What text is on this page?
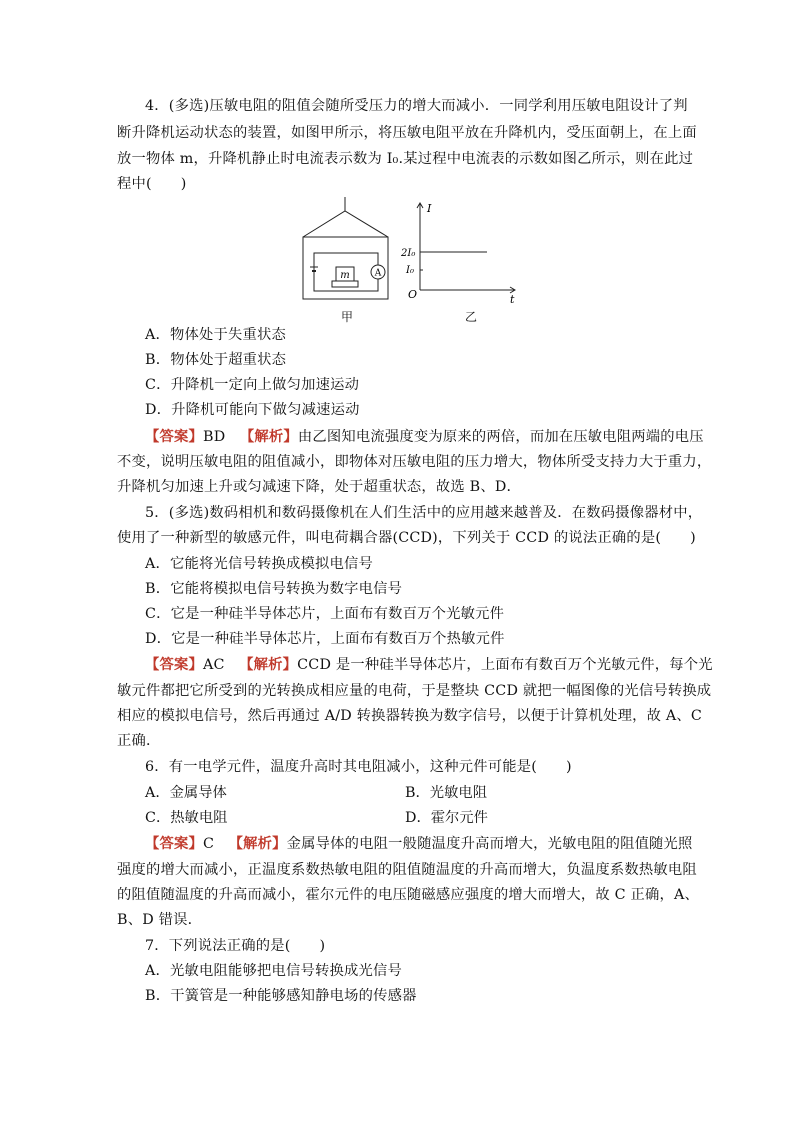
4．(多选)压敏电阻的阻值会随所受压力的增大而减小．一同学利用压敏电阻设计了判
断升降机运动状态的装置，如图甲所示，将压敏电阻平放在升降机内，受压面朝上，在上面
放一物体 m，升降机静止时电流表示数为 I₀.某过程中电流表的示数如图乙所示，则在此过
程中(　　)
m	A
I
t
O
2I₀
I₀
甲	乙
A．物体处于失重状态
B．物体处于超重状态
C．升降机一定向上做匀加速运动
D．升降机可能向下做匀减速运动
【答案】BD  【解析】由乙图知电流强度变为原来的两倍，而加在压敏电阻两端的电压
不变，说明压敏电阻的阻值减小，即物体对压敏电阻的压力增大，物体所受支持力大于重力，
升降机匀加速上升或匀减速下降，处于超重状态，故选 B、D．
5．(多选)数码相机和数码摄像机在人们生活中的应用越来越普及．在数码摄像器材中，
使用了一种新型的敏感元件，叫电荷耦合器(CCD)，下列关于 CCD 的说法正确的是(　　)
A．它能将光信号转换成模拟电信号
B．它能将模拟电信号转换为数字电信号
C．它是一种硅半导体芯片，上面布有数百万个光敏元件
D．它是一种硅半导体芯片，上面布有数百万个热敏元件
【答案】AC  【解析】CCD 是一种硅半导体芯片，上面布有数百万个光敏元件，每个光
敏元件都把它所受到的光转换成相应量的电荷，于是整块 CCD 就把一幅图像的光信号转换成
相应的模拟电信号，然后再通过 A/D 转换器转换为数字信号，以便于计算机处理，故 A、C
正确．
6．有一电学元件，温度升高时其电阻减小，这种元件可能是(　　)
A．金属导体	B．光敏电阻
C．热敏电阻	D．霍尔元件
【答案】C  【解析】金属导体的电阻一般随温度升高而增大，光敏电阻的阻值随光照
强度的增大而减小，正温度系数热敏电阻的阻值随温度的升高而增大，负温度系数热敏电阻
的阻值随温度的升高而减小，霍尔元件的电压随磁感应强度的增大而增大，故 C 正确，A、
B、D 错误．
7．下列说法正确的是(　　)
A．光敏电阻能够把电信号转换成光信号
B．干簧管是一种能够感知静电场的传感器
